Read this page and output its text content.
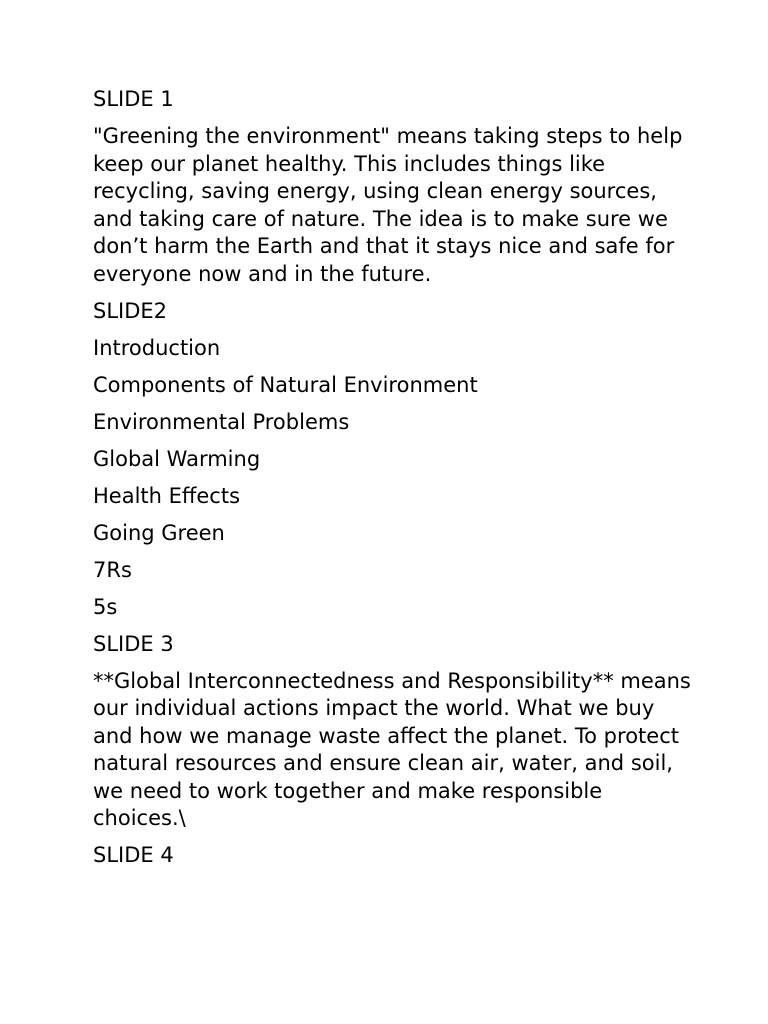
SLIDE 1

"Greening the environment" means taking steps to help keep our planet healthy. This includes things like recycling, saving energy, using clean energy sources, and taking care of nature. The idea is to make sure we don’t harm the Earth and that it stays nice and safe for everyone now and in the future.

SLIDE2

Introduction

Components of Natural Environment

Environmental Problems

Global Warming

Health Effects

Going Green

7Rs

5s

SLIDE 3

**Global Interconnectedness and Responsibility** means our individual actions impact the world. What we buy and how we manage waste affect the planet. To protect natural resources and ensure clean air, water, and soil, we need to work together and make responsible choices.\

SLIDE 4
